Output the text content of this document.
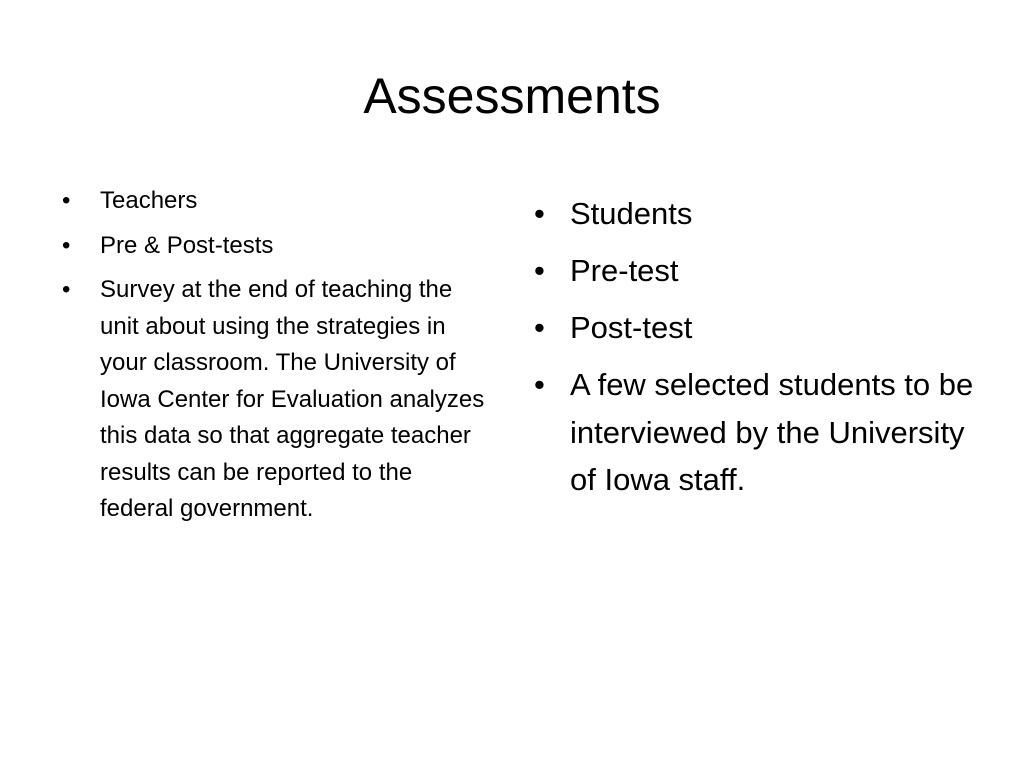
Assessments
• Teachers
• Pre & Post-tests
• Survey at the end of teaching the unit about using the strategies in your classroom. The University of Iowa Center for Evaluation analyzes this data so that aggregate teacher results can be reported to the federal government.
• Students
• Pre-test
• Post-test
• A few selected students to be interviewed by the University of Iowa staff.
